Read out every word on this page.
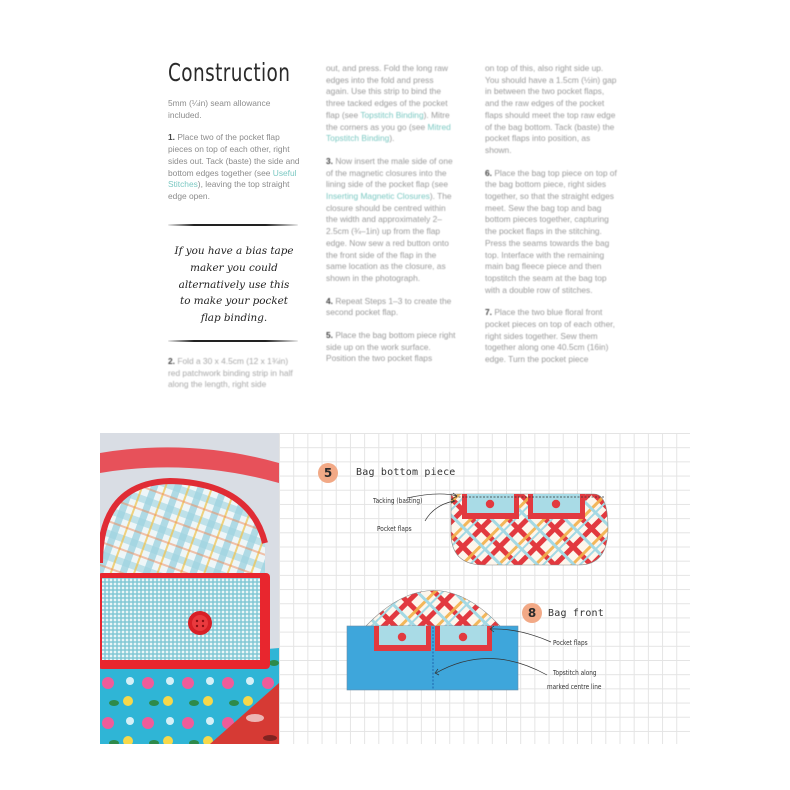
Construction

5mm (¼in) seam allowance included.

1. Place two of the pocket flap pieces on top of each other, right sides out. Tack (baste) the side and bottom edges together (see Useful Stitches), leaving the top straight edge open.

If you have a bias tape maker you could alternatively use this to make your pocket flap binding.
2. Fold a 30 x 4.5cm (12 x 1¾in) red patchwork binding strip in half along the length, right side

out, and press. Fold the long raw edges into the fold and press again. Use this strip to bind the three tacked edges of the pocket flap (see Topstitch Binding). Mitre the corners as you go (see Mitred Topstitch Binding).

3. Now insert the male side of one of the magnetic closures into the lining side of the pocket flap (see Inserting Magnetic Closures). The closure should be centred within the width and approximately 2–2.5cm (¾–1in) up from the flap edge. Now sew a red button onto the front side of the flap in the same location as the closure, as shown in the photograph.

4. Repeat Steps 1–3 to create the second pocket flap.

5. Place the bag bottom piece right side up on the work surface. Position the two pocket flaps

on top of this, also right side up. You should have a 1.5cm (½in) gap in between the two pocket flaps, and the raw edges of the pocket flaps should meet the top raw edge of the bag bottom. Tack (baste) the pocket flaps into position, as shown.

6. Place the bag top piece on top of the bag bottom piece, right sides together, so that the straight edges meet. Sew the bag top and bag bottom pieces together, capturing the pocket flaps in the stitching. Press the seams towards the bag top. Interface with the remaining main bag fleece piece and then topstitch the seam at the bag top with a double row of stitches.

7. Place the two blue floral front pocket pieces on top of each other, right sides together. Sew them together along one 40.5cm (16in) edge. Turn the pocket piece

5	Bag bottom piece
Tacking (basting)
Pocket flaps
8	Bag front
Pocket flaps
Topstitch along
marked centre line
